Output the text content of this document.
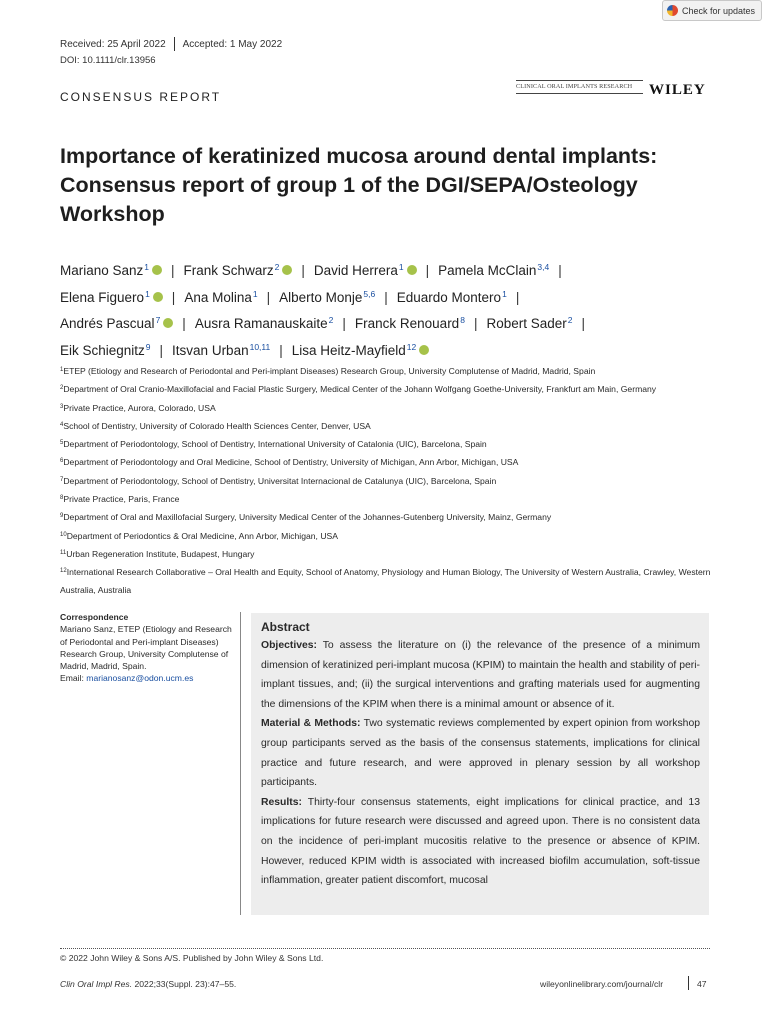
Check for updates
Received: 25 April 2022 Accepted: 1 May 2022
DOI: 10.1111/clr.13956
CONSENSUS REPORT
CLINICAL ORAL IMPLANTS RESEARCH	WILEY
Importance of keratinized mucosa around dental implants: Consensus report of group 1 of the DGI/SEPA/Osteology Workshop
Mariano Sanz$^1$ | Frank Schwarz$^2$ | David Herrera$^1$ | Pamela McClain$^{3,4}$ |
Elena Figuero$^1$ | Ana Molina$^1$ | Alberto Monje$^{5,6}$ | Eduardo Montero$^1$ |
Andrés Pascual$^7$ | Ausra Ramanauskaite$^2$ | Franck Renouard$^8$ | Robert Sader$^2$ |
Eik Schiegnitz$^9$ | Itsvan Urban$^{10,11}$ | Lisa Heitz-Mayfield$^{12}$
$^1$ETEP (Etiology and Research of Periodontal and Peri-implant Diseases) Research Group, University Complutense of Madrid, Madrid, Spain
$^2$Department of Oral Cranio-Maxillofacial and Facial Plastic Surgery, Medical Center of the Johann Wolfgang Goethe-University, Frankfurt am Main, Germany
$^3$Private Practice, Aurora, Colorado, USA
$^4$School of Dentistry, University of Colorado Health Sciences Center, Denver, USA
$^5$Department of Periodontology, School of Dentistry, International University of Catalonia (UIC), Barcelona, Spain
$^6$Department of Periodontology and Oral Medicine, School of Dentistry, University of Michigan, Ann Arbor, Michigan, USA
$^7$Department of Periodontology, School of Dentistry, Universitat Internacional de Catalunya (UIC), Barcelona, Spain
$^8$Private Practice, Paris, France
$^9$Department of Oral and Maxillofacial Surgery, University Medical Center of the Johannes-Gutenberg University, Mainz, Germany
$^{10}$Department of Periodontics & Oral Medicine, Ann Arbor, Michigan, USA
$^{11}$Urban Regeneration Institute, Budapest, Hungary
$^{12}$International Research Collaborative – Oral Health and Equity, School of Anatomy, Physiology and Human Biology, The University of Western Australia, Crawley, Western Australia, Australia
Correspondence
Mariano Sanz, ETEP (Etiology and Research of Periodontal and Peri-implant Diseases) Research Group, University Complutense of Madrid, Madrid, Spain.
Email: marianosanz@odon.ucm.es
Abstract

Objectives: To assess the literature on (i) the relevance of the presence of a minimum dimension of keratinized peri-implant mucosa (KPIM) to maintain the health and stability of peri-implant tissues, and; (ii) the surgical interventions and grafting materials used for augmenting the dimensions of the KPIM when there is a minimal amount or absence of it.

Material & Methods: Two systematic reviews complemented by expert opinion from workshop group participants served as the basis of the consensus statements, implications for clinical practice and future research, and were approved in plenary session by all workshop participants.

Results: Thirty-four consensus statements, eight implications for clinical practice, and 13 implications for future research were discussed and agreed upon. There is no consistent data on the incidence of peri-implant mucositis relative to the presence or absence of KPIM. However, reduced KPIM width is associated with increased biofilm accumulation, soft-tissue inflammation, greater patient discomfort, mucosal

© 2022 John Wiley & Sons A/S. Published by John Wiley & Sons Ltd.
Clin Oral Impl Res. 2022;33(Suppl. 23):47–55.	wileyonlinelibrary.com/journal/clr	47
